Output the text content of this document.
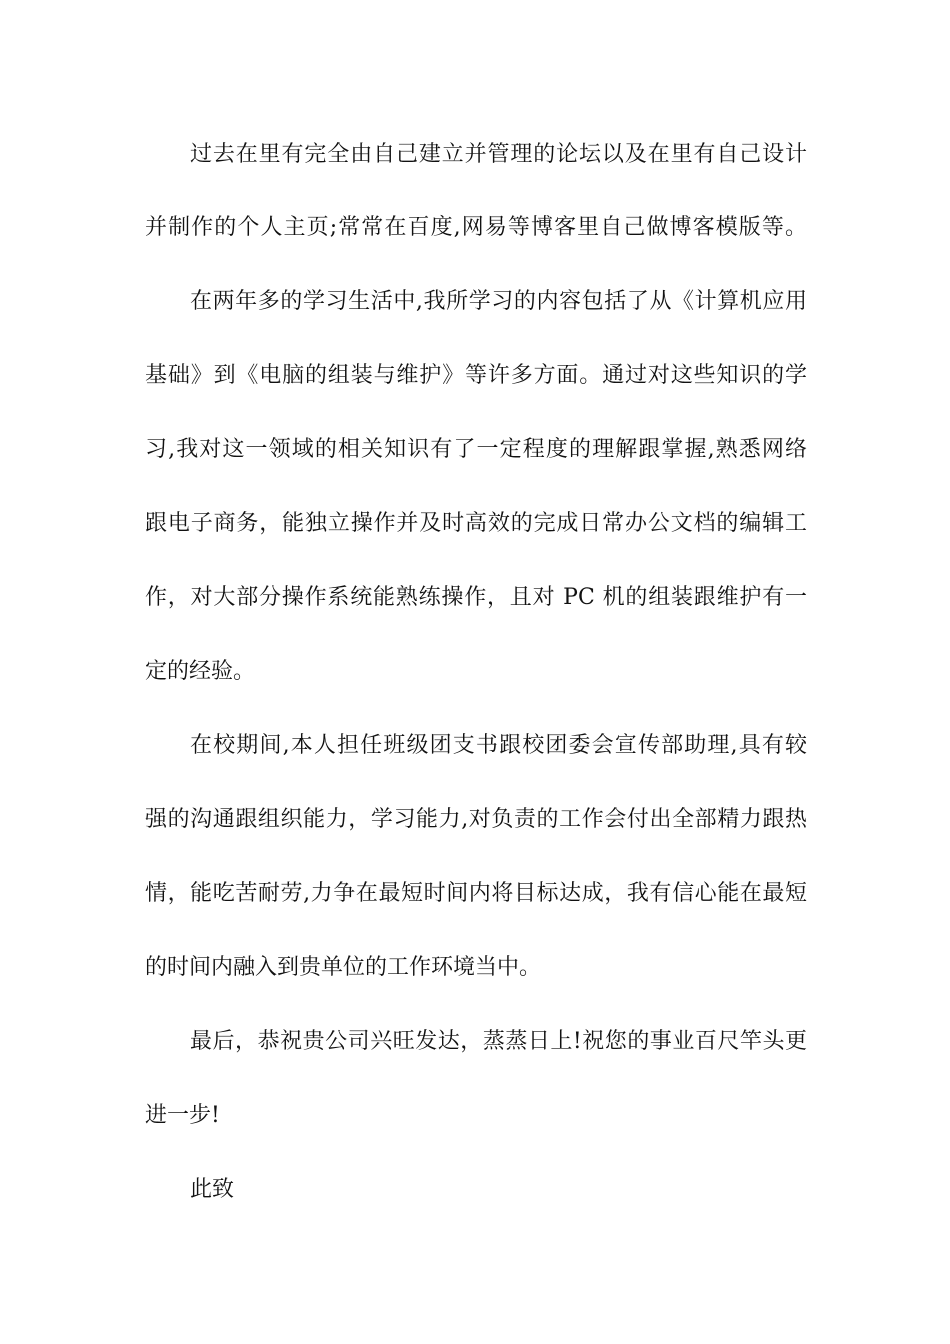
过去在里有完全由自己建立并管理的论坛以及在里有自己设计
并制作的个人主页;常常在百度,网易等博客里自己做博客模版等。
在两年多的学习生活中,我所学习的内容包括了从《计算机应用
基础》到《电脑的组装与维护》等许多方面。通过对这些知识的学
习,我对这一领域的相关知识有了一定程度的理解跟掌握,熟悉网络
跟电子商务，能独立操作并及时高效的完成日常办公文档的编辑工
作，对大部分操作系统能熟练操作，且对 PC 机的组装跟维护有一
定的经验。
在校期间,本人担任班级团支书跟校团委会宣传部助理,具有较
强的沟通跟组织能力，学习能力,对负责的工作会付出全部精力跟热
情，能吃苦耐劳,力争在最短时间内将目标达成，我有信心能在最短
的时间内融入到贵单位的工作环境当中。
最后，恭祝贵公司兴旺发达，蒸蒸日上!祝您的事业百尺竿头更
进一步!
此致
